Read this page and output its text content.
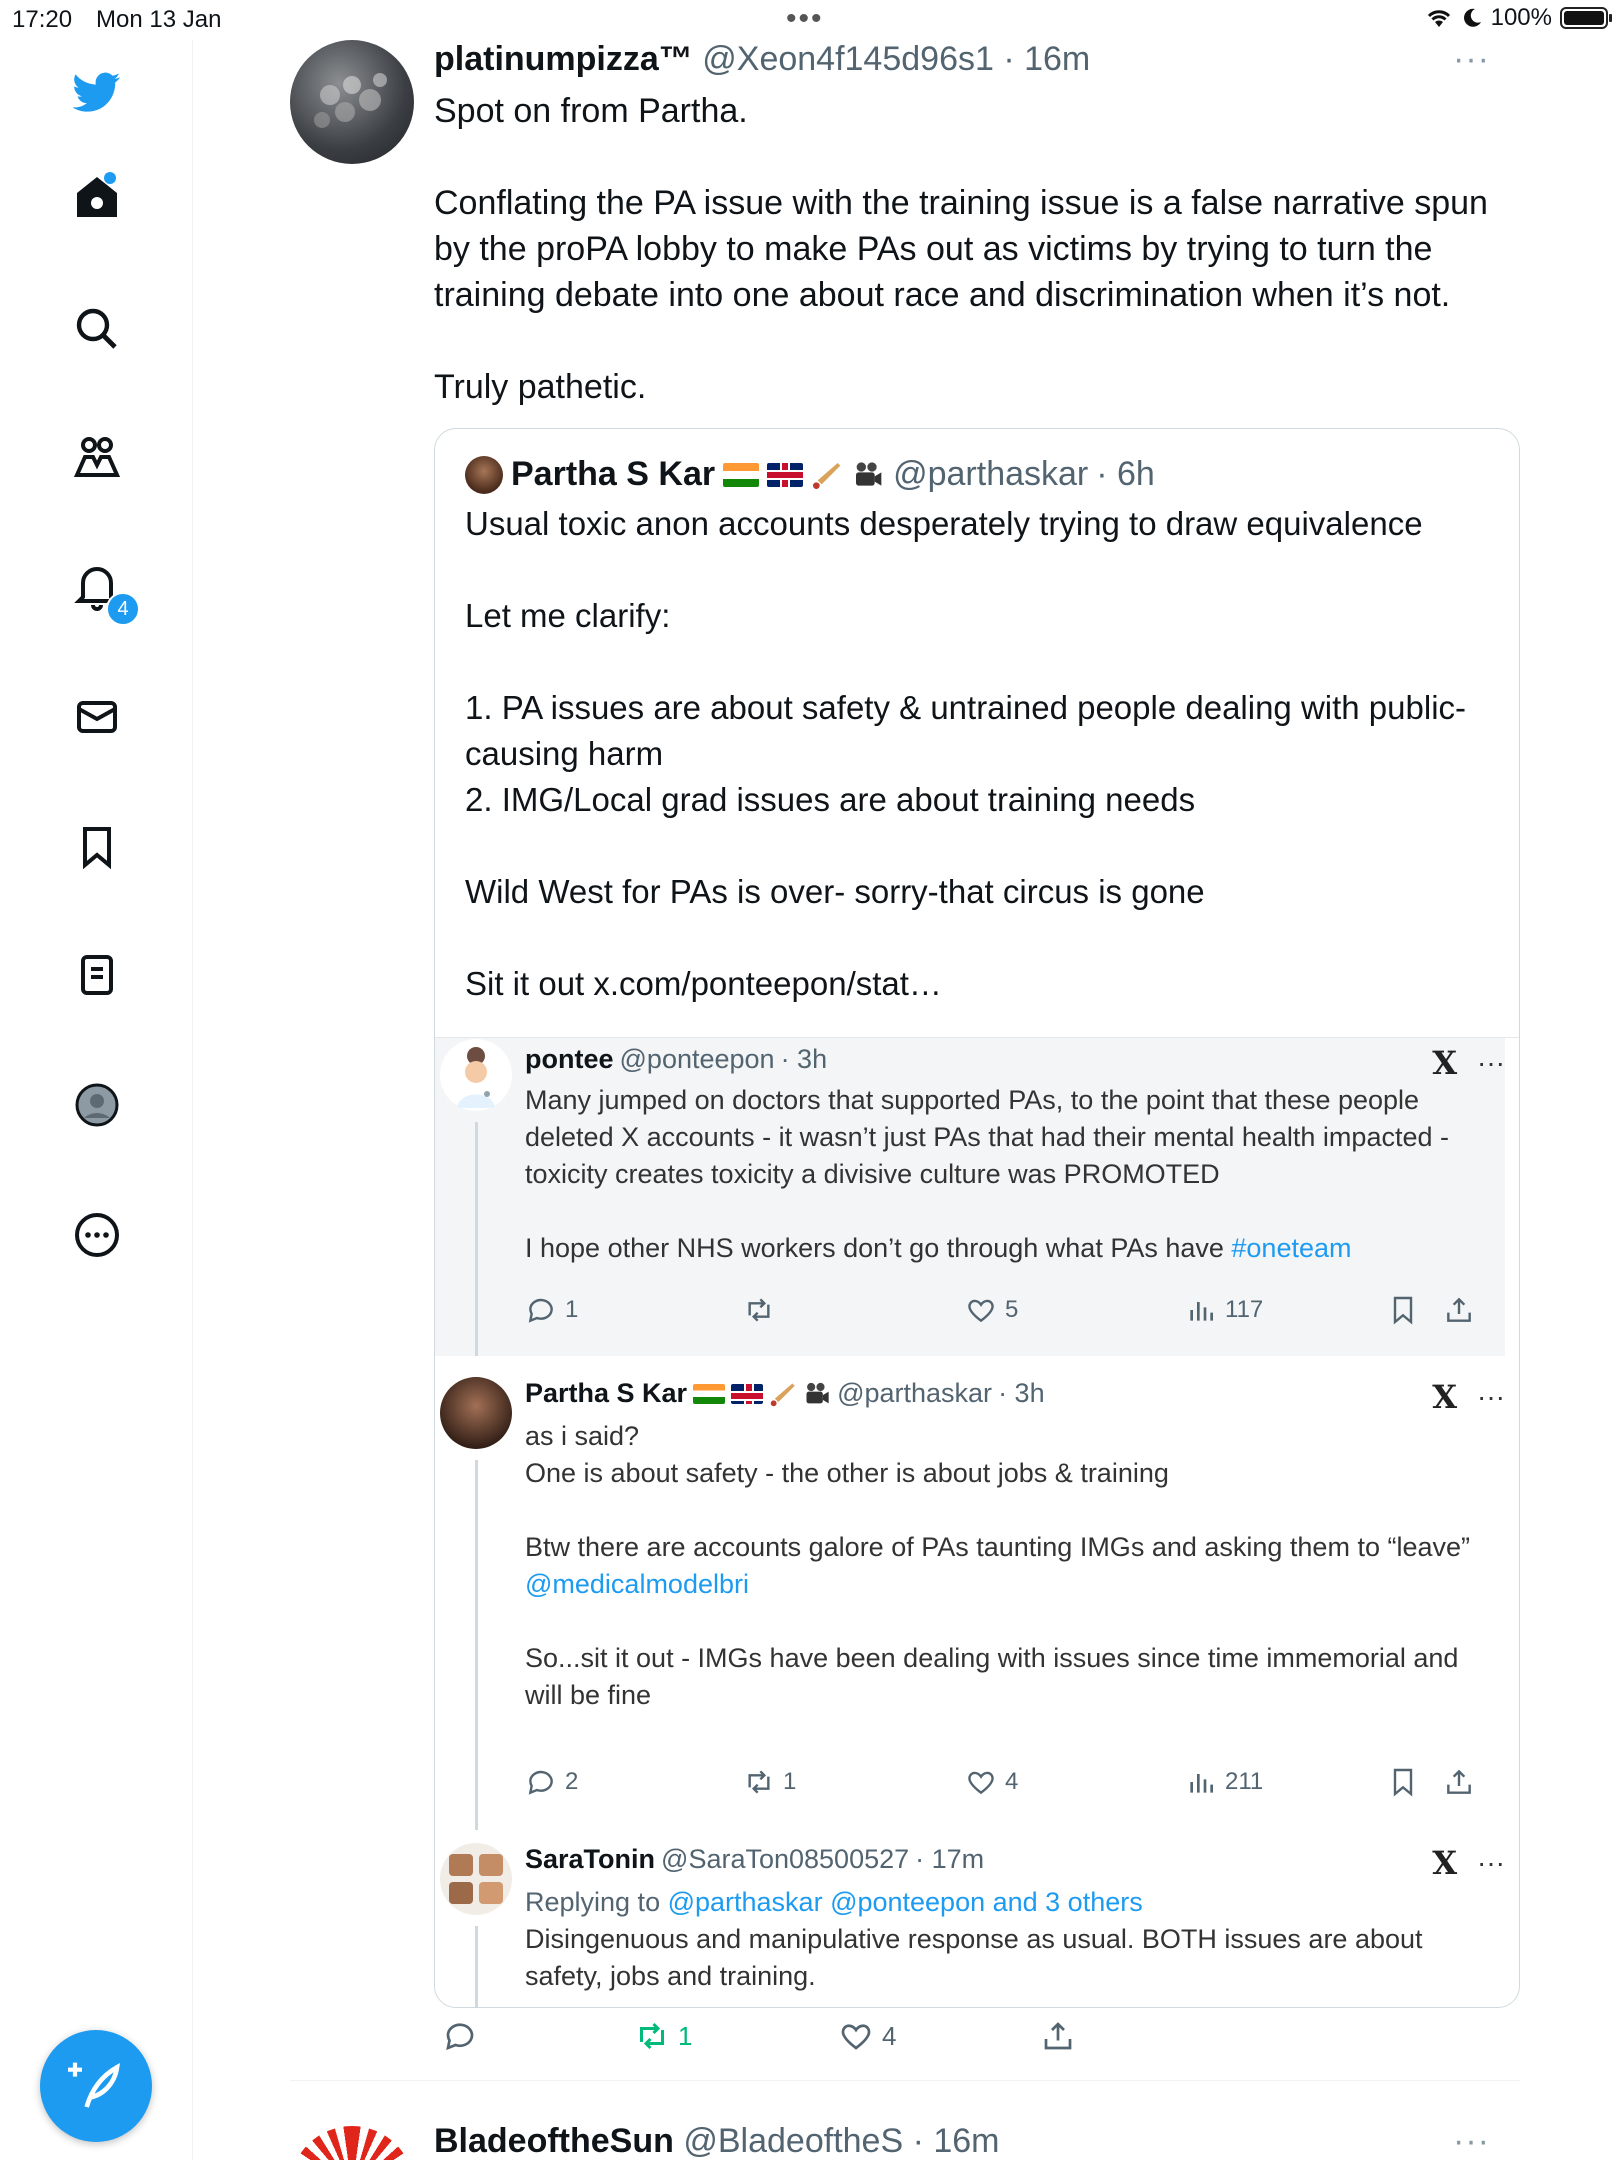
17:20 Mon 13 Jan	•••	100%
4
platinumpizza™ @Xeon4f145d96s1 · 16m	···

Spot on from Partha.

Conflating the PA issue with the training issue is a false narrative spun by the proPA lobby to make PAs out as victims by trying to turn the training debate into one about race and discrimination when it’s not.

Truly pathetic.

Partha S Kar	@parthaskar · 6h

Usual toxic anon accounts desperately trying to draw equivalence

Let me clarify:

1. PA issues are about safety & untrained people dealing with public-causing harm
2. IMG/Local grad issues are about training needs

Wild West for PAs is over- sorry-that circus is gone

Sit it out x.com/ponteepon/stat…

pontee @ponteepon · 3h	X ···

Many jumped on doctors that supported PAs, to the point that these people deleted X accounts - it wasn’t just PAs that had their mental health impacted - toxicity creates toxicity a divisive culture was PROMOTED

I hope other NHS workers don’t go through what PAs have #oneteam

1	5	117
Partha S Kar	@parthaskar · 3h	X ···
as i said?

One is about safety - the other is about jobs & training

Btw there are accounts galore of PAs taunting IMGs and asking them to “leave”

@medicalmodelbri

So...sit it out - IMGs have been dealing with issues since time immemorial and will be fine

2	1	4	211
SaraTonin @SaraTon08500527 · 17m	X ···
Replying to @parthaskar @ponteepon and 3 others
Disingenuous and manipulative response as usual. BOTH issues are about safety, jobs and training.
1	4
BladeoftheSun @BladeoftheS · 16m	···
